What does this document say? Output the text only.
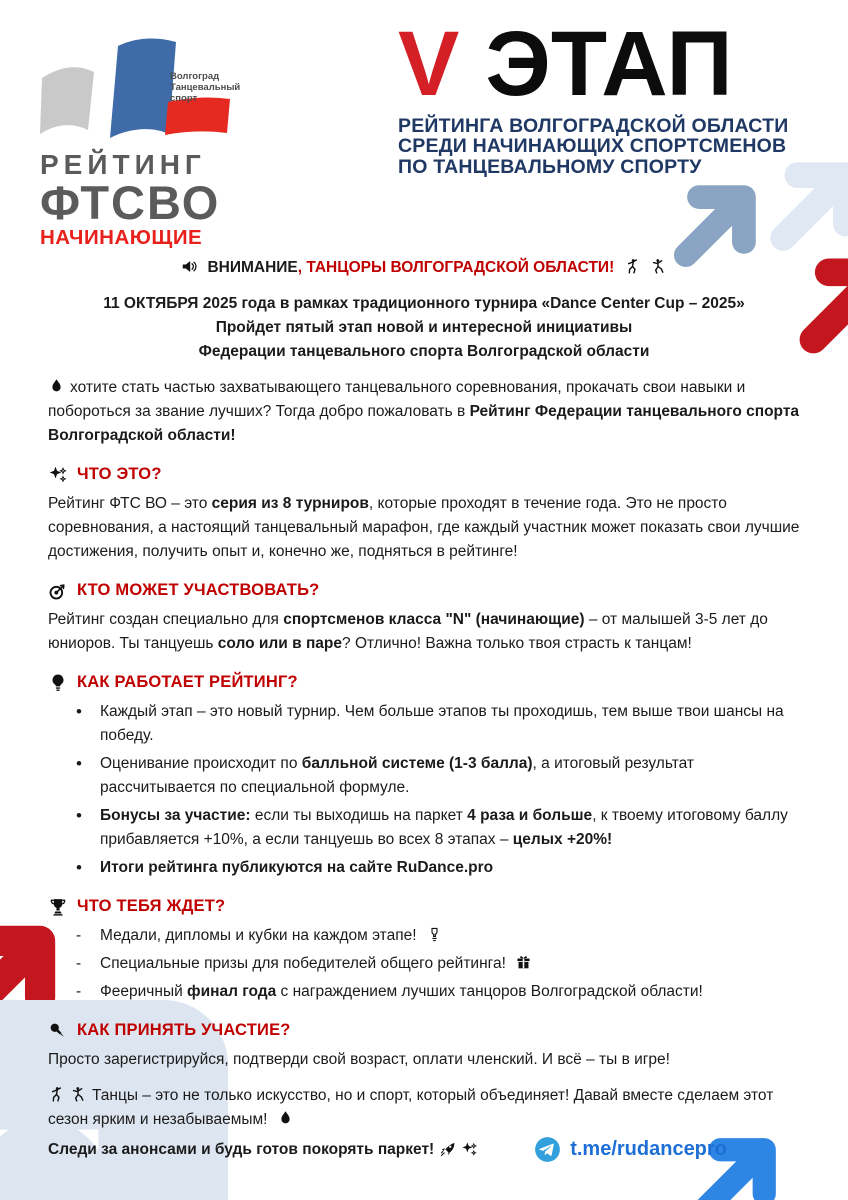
Волгоград
Танцевальный
спорт
РЕЙТИНГ
ФТСВО
НАЧИНАЮЩИЕ
V ЭТАП
РЕЙТИНГА ВОЛГОГРАДСКОЙ ОБЛАСТИ
СРЕДИ НАЧИНАЮЩИХ СПОРТСМЕНОВ
ПО ТАНЦЕВАЛЬНОМУ СПОРТУ
ВНИМАНИЕ, ТАНЦОРЫ ВОЛГОГРАДСКОЙ ОБЛАСТИ!

11 ОКТЯБРЯ 2025 года в рамках традиционного турнира «Dance Center Cup – 2025»
Пройдет пятый этап новой и интересной инициативы
Федерации танцевального спорта Волгоградской области

хотите стать частью захватывающего танцевального соревнования, прокачать свои навыки и побороться за звание лучших? Тогда добро пожаловать в Рейтинг Федерации танцевального спорта Волгоградской области!

ЧТО ЭТО?

Рейтинг ФТС ВО – это серия из 8 турниров, которые проходят в течение года. Это не просто соревнования, а настоящий танцевальный марафон, где каждый участник может показать свои лучшие достижения, получить опыт и, конечно же, подняться в рейтинге!

КТО МОЖЕТ УЧАСТВОВАТЬ?

Рейтинг создан специально для спортсменов класса "N" (начинающие) – от малышей 3-5 лет до юниоров. Ты танцуешь соло или в паре? Отлично! Важна только твоя страсть к танцам!

КАК РАБОТАЕТ РЕЙТИНГ?
• Каждый этап – это новый турнир. Чем больше этапов ты проходишь, тем выше твои шансы на победу.
• Оценивание происходит по балльной системе (1-3 балла), а итоговый результат рассчитывается по специальной формуле.
• Бонусы за участие: если ты выходишь на паркет 4 раза и больше, к твоему итоговому баллу прибавляется +10%, а если танцуешь во всех 8 этапах – целых +20%!
• Итоги рейтинга публикуются на сайте RuDance.pro
ЧТО ТЕБЯ ЖДЕТ?
- Медали, дипломы и кубки на каждом этапе!
- Специальные призы для победителей общего рейтинга!
- Фееричный финал года с награждением лучших танцоров Волгоградской области!
КАК ПРИНЯТЬ УЧАСТИЕ?

Просто зарегистрируйся, подтверди свой возраст, оплати членский. И всё – ты в игре!

Танцы – это не только искусство, но и спорт, который объединяет! Давай вместе сделаем этот сезон ярким и незабываемым!

Следи за анонсами и будь готов покорять паркет!	t.me/rudancepro
